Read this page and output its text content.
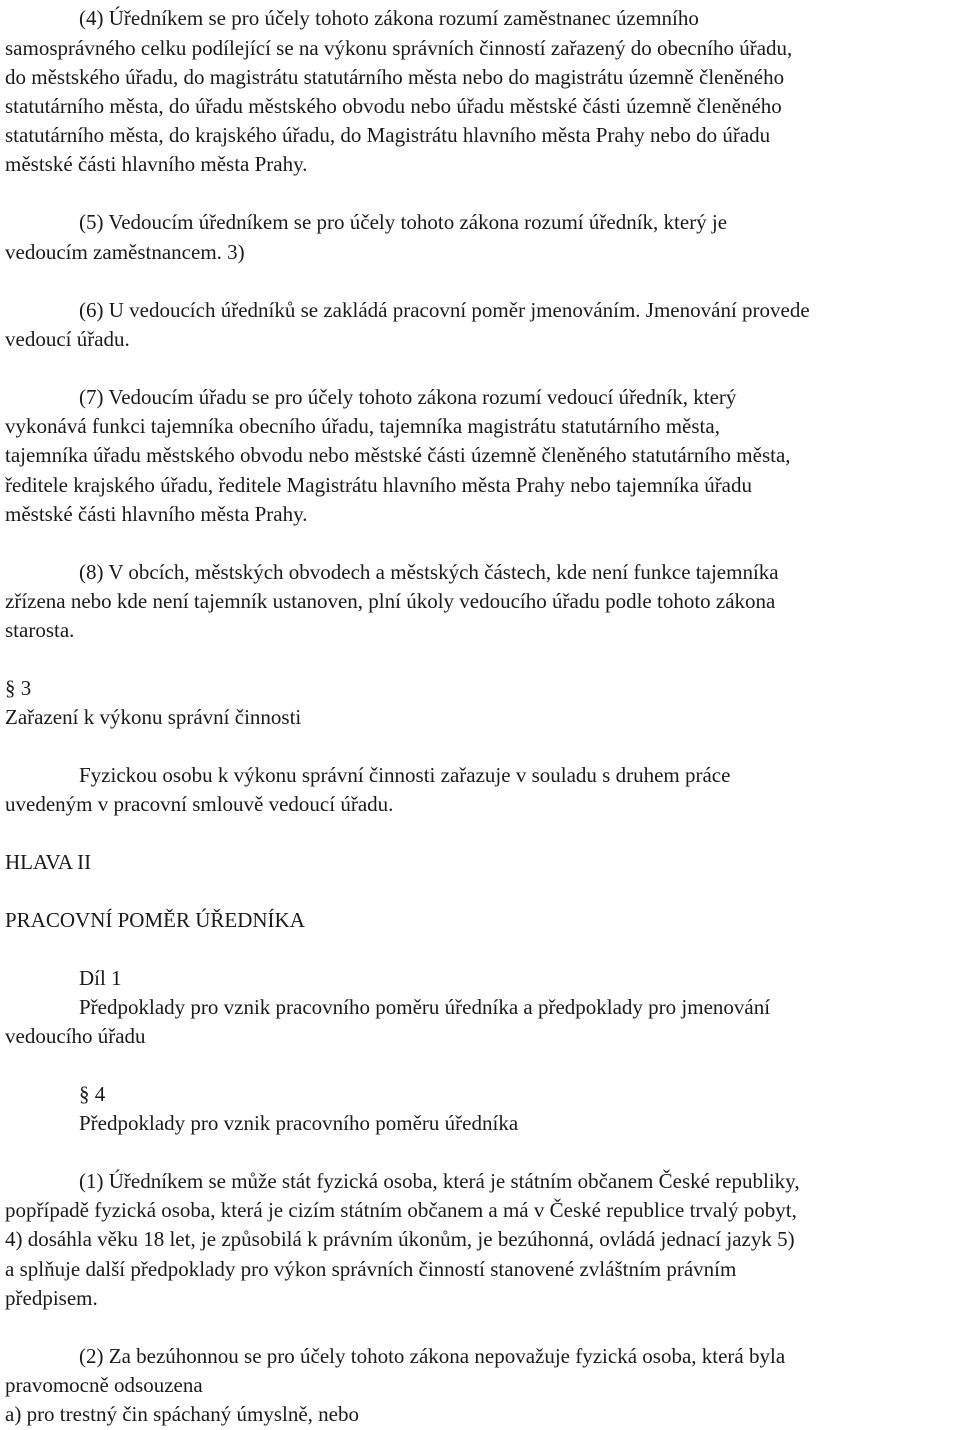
(4) Úředníkem se pro účely tohoto zákona rozumí zaměstnanec územního
samosprávného celku podílející se na výkonu správních činností zařazený do obecního úřadu,
do městského úřadu, do magistrátu statutárního města nebo do magistrátu územně členěného
statutárního města, do úřadu městského obvodu nebo úřadu městské části územně členěného
statutárního města, do krajského úřadu, do Magistrátu hlavního města Prahy nebo do úřadu
městské části hlavního města Prahy.
(5) Vedoucím úředníkem se pro účely tohoto zákona rozumí úředník, který je
vedoucím zaměstnancem. 3)
(6) U vedoucích úředníků se zakládá pracovní poměr jmenováním. Jmenování provede
vedoucí úřadu.
(7) Vedoucím úřadu se pro účely tohoto zákona rozumí vedoucí úředník, který
vykonává funkci tajemníka obecního úřadu, tajemníka magistrátu statutárního města,
tajemníka úřadu městského obvodu nebo městské části územně členěného statutárního města,
ředitele krajského úřadu, ředitele Magistrátu hlavního města Prahy nebo tajemníka úřadu
městské části hlavního města Prahy.
(8) V obcích, městských obvodech a městských částech, kde není funkce tajemníka
zřízena nebo kde není tajemník ustanoven, plní úkoly vedoucího úřadu podle tohoto zákona
starosta.
§ 3
Zařazení k výkonu správní činnosti
Fyzickou osobu k výkonu správní činnosti zařazuje v souladu s druhem práce
uvedeným v pracovní smlouvě vedoucí úřadu.
HLAVA II
PRACOVNÍ POMĚR ÚŘEDNÍKA
Díl 1
Předpoklady pro vznik pracovního poměru úředníka a předpoklady pro jmenování
vedoucího úřadu
§ 4
Předpoklady pro vznik pracovního poměru úředníka
(1) Úředníkem se může stát fyzická osoba, která je státním občanem České republiky,
popřípadě fyzická osoba, která je cizím státním občanem a má v České republice trvalý pobyt,
4) dosáhla věku 18 let, je způsobilá k právním úkonům, je bezúhonná, ovládá jednací jazyk 5)
a splňuje další předpoklady pro výkon správních činností stanovené zvláštním právním
předpisem.
(2) Za bezúhonnou se pro účely tohoto zákona nepovažuje fyzická osoba, která byla
pravomocně odsouzena
a) pro trestný čin spáchaný úmyslně, nebo
